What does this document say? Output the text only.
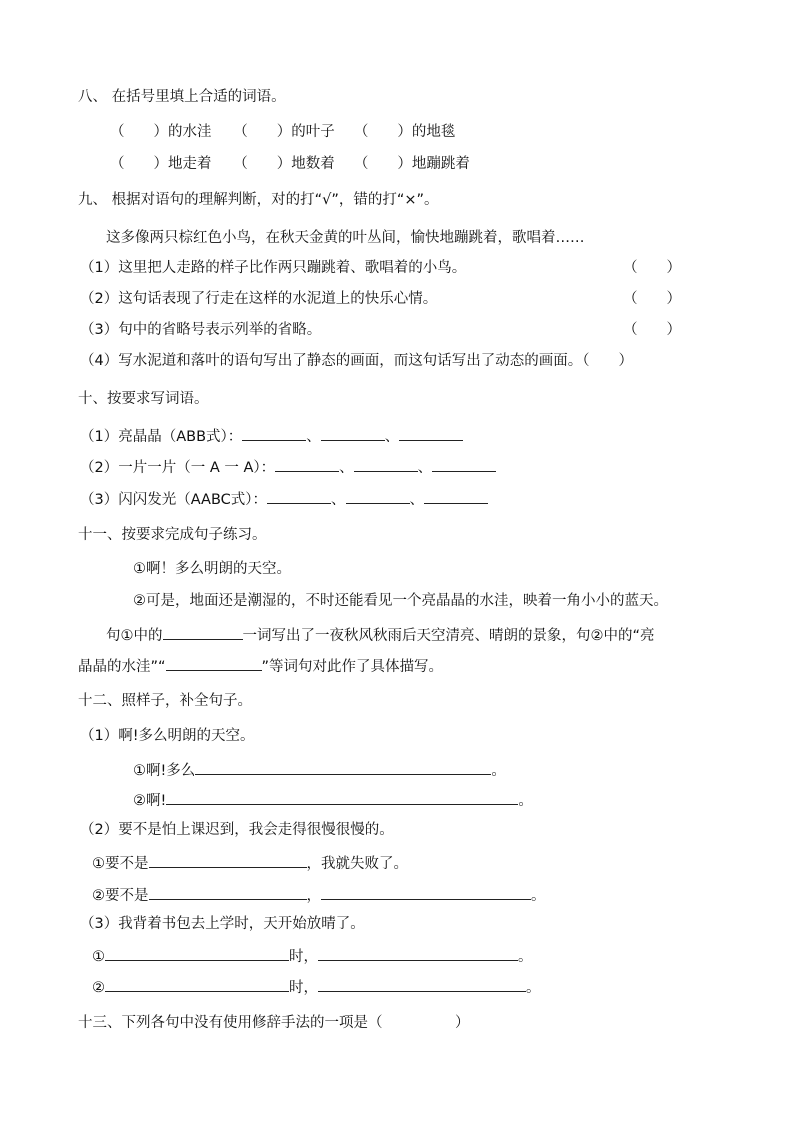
八、 在括号里填上合适的词语。
（　　）的水洼　　（　　）的叶子　 （　　）的地毯
（　　）地走着　　（　　）地数着　 （　　）地蹦跳着
九、 根据对语句的理解判断，对的打“√”，错的打“×”。
这多像两只棕红色小鸟，在秋天金黄的叶丛间，愉快地蹦跳着，歌唱着……
（1）这里把人走路的样子比作两只蹦跳着、歌唱着的小鸟。	（　　）
（2）这句话表现了行走在这样的水泥道上的快乐心情。	（　　）
（3）句中的省略号表示列举的省略。	（　　）
（4）写水泥道和落叶的语句写出了静态的画面，而这句话写出了动态的画面。（　　）
十、按要求写词语。
（1）亮晶晶（ABB式）：	、	、
（2）一片一片（一 A 一 A）：	、	、
（3）闪闪发光（AABC式）：	、	、
十一、按要求完成句子练习。
①啊！多么明朗的天空。
②可是，地面还是潮湿的，不时还能看见一个亮晶晶的水洼，映着一角小小的蓝天。
句①中的	一词写出了一夜秋风秋雨后天空清亮、晴朗的景象，句②中的“亮
晶晶的水洼”“	”等词句对此作了具体描写。
十二、照样子，补全句子。
（1）啊!多么明朗的天空。
①啊!多么	。
②啊!	。
（2）要不是怕上课迟到，我会走得很慢很慢的。
①要不是	，我就失败了。
②要不是	，	。
（3）我背着书包去上学时，天开始放晴了。
①	时，	。
②	时，	。
十三、下列各句中没有使用修辞手法的一项是（　　　　　）
